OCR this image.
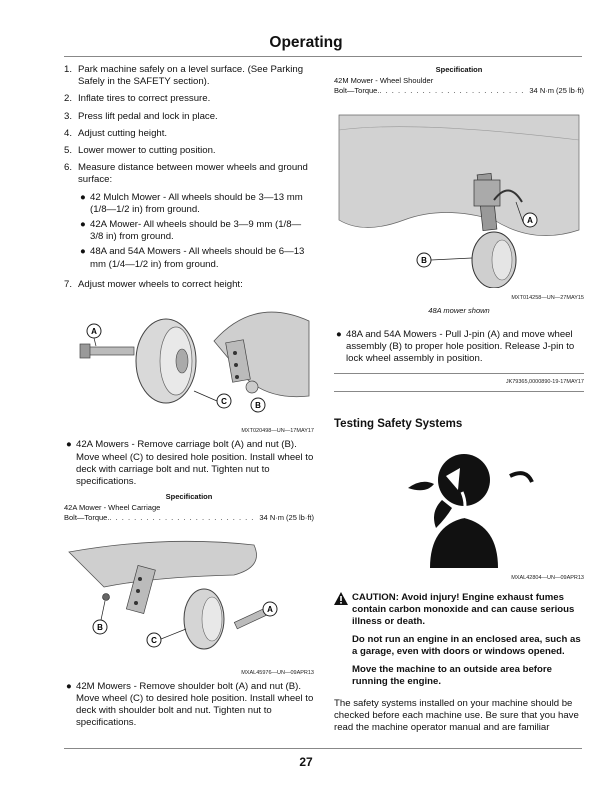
Operating
1. Park machine safely on a level surface. (See Parking Safely in the SAFETY section).
2. Inflate tires to correct pressure.
3. Press lift pedal and lock in place.
4. Adjust cutting height.
5. Lower mower to cutting position.
6. Measure distance between mower wheels and ground surface:
● 42 Mulch Mower - All wheels should be 3—13 mm (1/8—1/2 in) from ground.
● 42A Mower- All wheels should be 3—9 mm (1/8—3/8 in) from ground.
● 48A and 54A Mowers - All wheels should be 6—13 mm (1/4—1/2 in) from ground.
7. Adjust mower wheels to correct height:
A
C	B
MXT020498—UN—17MAY17
● 42A Mowers - Remove carriage bolt (A) and nut (B). Move wheel (C) to desired hole position. Install wheel to deck with carriage bolt and nut. Tighten nut to specifications.
Specification
42A Mower - Wheel Carriage
Bolt—Torque. . . .	34 N·m (25 lb·ft)
A
B
C
MXAL45976—UN—09APR13
● 42M Mowers - Remove shoulder bolt (A) and nut (B). Move wheel (C) to desired hole position. Install wheel to deck with shoulder bolt and nut. Tighten nut to specifications.
Specification
42M Mower - Wheel Shoulder
Bolt—Torque. . . .	34 N·m (25 lb·ft)
A
B
MXT014258—UN—27MAY15
48A mower shown
● 48A and 54A Mowers - Pull J-pin (A) and move wheel assembly (B) to proper hole position. Release J-pin to lock wheel assembly in position.
JK79365,0000890-19-17MAY17
Testing Safety Systems
MXAL42804—UN—09APR13
CAUTION: Avoid injury! Engine exhaust fumes contain carbon monoxide and can cause serious illness or death.
Do not run an engine in an enclosed area, such as a garage, even with doors or windows opened.
Move the machine to an outside area before running the engine.
The safety systems installed on your machine should be checked before each machine use. Be sure that you have read the machine operator manual and are familiar
27
